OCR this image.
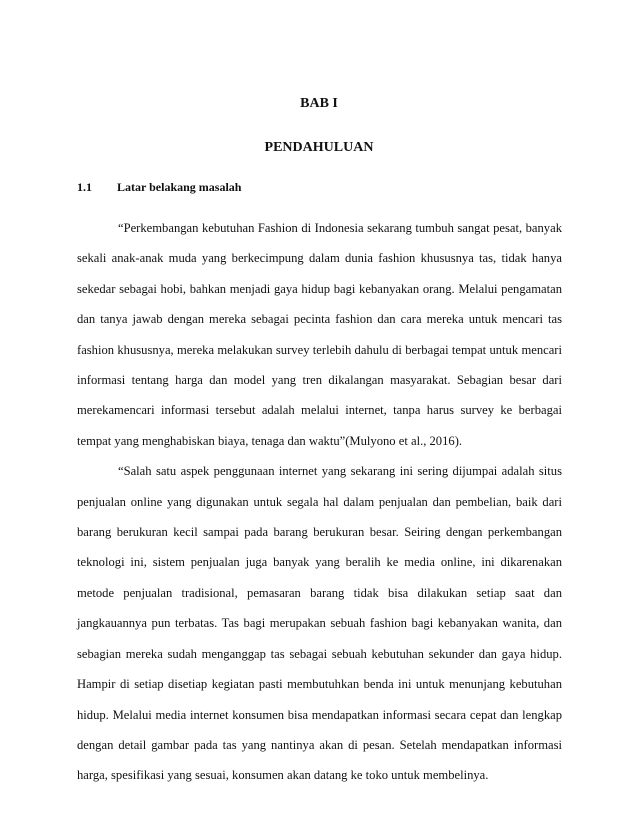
BAB I
PENDAHULUAN
1.1 Latar belakang masalah

“Perkembangan kebutuhan Fashion di Indonesia sekarang tumbuh sangat pesat, banyak sekali anak-anak muda yang berkecimpung dalam dunia fashion khususnya tas, tidak hanya sekedar sebagai hobi, bahkan menjadi gaya hidup bagi kebanyakan orang. Melalui pengamatan dan tanya jawab dengan mereka sebagai pecinta fashion dan cara mereka untuk mencari tas fashion khususnya, mereka melakukan survey terlebih dahulu di berbagai tempat untuk mencari informasi tentang harga dan model yang tren dikalangan masyarakat. Sebagian besar dari merekamencari informasi tersebut adalah melalui internet, tanpa harus survey ke berbagai tempat yang menghabiskan biaya, tenaga dan waktu”(Mulyono et al., 2016).

“Salah satu aspek penggunaan internet yang sekarang ini sering dijumpai adalah situs penjualan online yang digunakan untuk segala hal dalam penjualan dan pembelian, baik dari barang berukuran kecil sampai pada barang berukuran besar. Seiring dengan perkembangan teknologi ini, sistem penjualan juga banyak yang beralih ke media online, ini dikarenakan metode penjualan tradisional, pemasaran barang tidak bisa dilakukan setiap saat dan jangkauannya pun terbatas. Tas bagi merupakan sebuah fashion bagi kebanyakan wanita, dan sebagian mereka sudah menganggap tas sebagai sebuah kebutuhan sekunder dan gaya hidup. Hampir di setiap disetiap kegiatan pasti membutuhkan benda ini untuk menunjang kebutuhan hidup. Melalui media internet konsumen bisa mendapatkan informasi secara cepat dan lengkap dengan detail gambar pada tas yang nantinya akan di pesan. Setelah mendapatkan informasi harga, spesifikasi yang sesuai, konsumen akan datang ke toko untuk membelinya.
